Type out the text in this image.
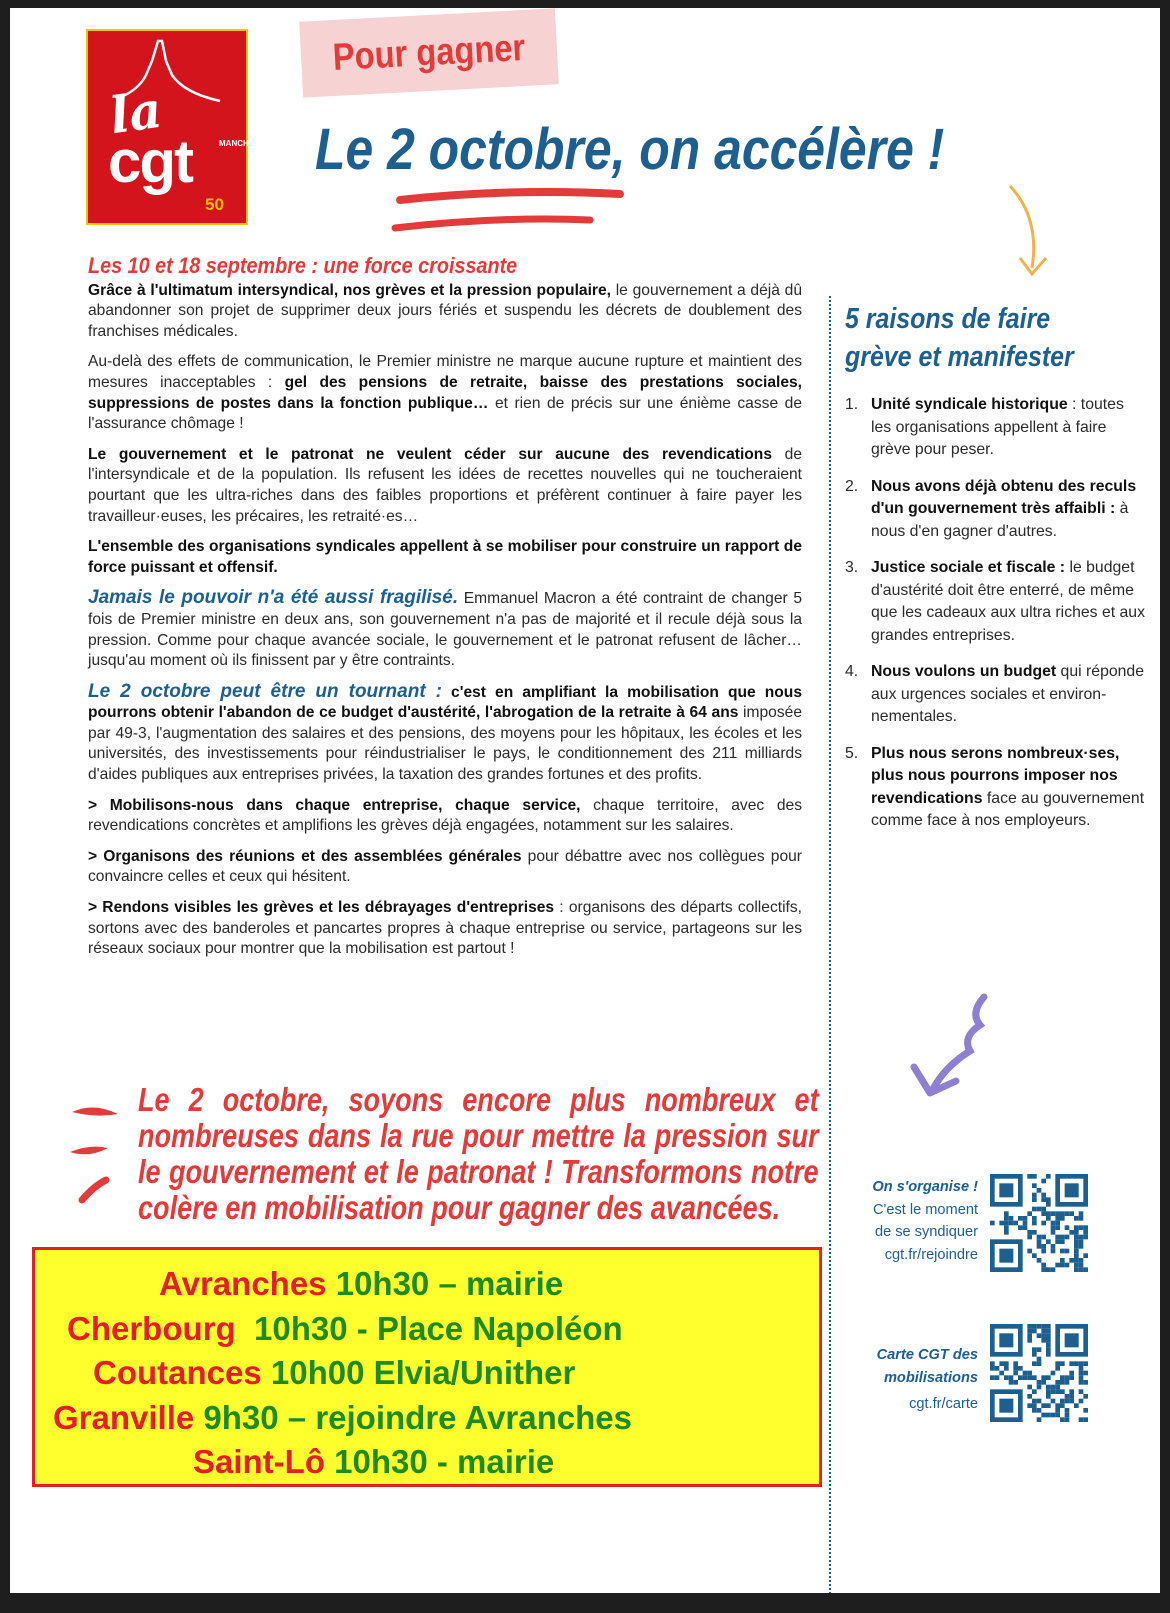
la
cgt	MANCHE
50
Pour gagner
Le 2 octobre, on accélère !
Les 10 et 18 septembre : une force croissante

Grâce à l'ultimatum intersyndical, nos grèves et la pression populaire, le gouvernement a déjà dû abandonner son projet de supprimer deux jours fériés et suspendu les décrets de doublement des franchises médicales.

Au-delà des effets de communication, le Premier ministre ne marque aucune rupture et maintient des mesures inacceptables : gel des pensions de retraite, baisse des prestations sociales, suppressions de postes dans la fonction publique… et rien de précis sur une énième casse de l'assurance chômage !

Le gouvernement et le patronat ne veulent céder sur aucune des revendications de l'intersyndicale et de la population. Ils refusent les idées de recettes nouvelles qui ne toucheraient pourtant que les ultra-riches dans des faibles proportions et préfèrent continuer à faire payer les travailleur·euses, les précaires, les retraité·es…

L'ensemble des organisations syndicales appellent à se mobiliser pour construire un rapport de force puissant et offensif.

Jamais le pouvoir n'a été aussi fragilisé. Emmanuel Macron a été contraint de changer 5 fois de Premier ministre en deux ans, son gouvernement n'a pas de majorité et il recule déjà sous la pression. Comme pour chaque avancée sociale, le gouvernement et le patronat refusent de lâcher… jusqu'au moment où ils finissent par y être contraints.

Le 2 octobre peut être un tournant : c'est en amplifiant la mobilisation que nous pourrons obtenir l'abandon de ce budget d'austérité, l'abrogation de la retraite à 64 ans imposée par 49-3, l'augmentation des salaires et des pensions, des moyens pour les hôpitaux, les écoles et les universités, des investissements pour réindustrialiser le pays, le conditionnement des 211 milliards d'aides publiques aux entreprises privées, la taxation des grandes fortunes et des profits.

> Mobilisons-nous dans chaque entreprise, chaque service, chaque territoire, avec des revendications concrètes et amplifions les grèves déjà engagées, notamment sur les salaires.

> Organisons des réunions et des assemblées générales pour débattre avec nos collègues pour convaincre celles et ceux qui hésitent.

> Rendons visibles les grèves et les débrayages d'entreprises : organisons des départs collectifs, sortons avec des banderoles et pancartes propres à chaque entreprise ou service, partageons sur les réseaux sociaux pour montrer que la mobilisation est partout !

Le 2 octobre, soyons encore plus nombreux et nombreuses dans la rue pour mettre la pression sur le gouvernement et le patronat ! Transformons notre colère en mobilisation pour gagner des avancées.
5 raisons de faire
grève et manifester
1. Unité syndicale historique : toutes les organisations appellent à faire grève pour peser.
2. Nous avons déjà obtenu des reculs d'un gouvernement très affaibli : à nous d'en gagner d'autres.
3. Justice sociale et fiscale : le budget d'austérité doit être enterré, de même que les cadeaux aux ultra riches et aux grandes entreprises.
4. Nous voulons un budget qui réponde aux urgences sociales et environ-nementales.
5. Plus nous serons nombreux·ses, plus nous pourrons imposer nos revendications face au gouvernement comme face à nos employeurs.
On s'organise !
C'est le moment
de se syndiquer
cgt.fr/rejoindre
Carte CGT des
mobilisations
cgt.fr/carte
Avranches 10h30 – mairie
Cherbourg 10h30 - Place Napoléon
Coutances 10h00 Elvia/Unither
Granville 9h30 – rejoindre Avranches
Saint-Lô 10h30 - mairie
